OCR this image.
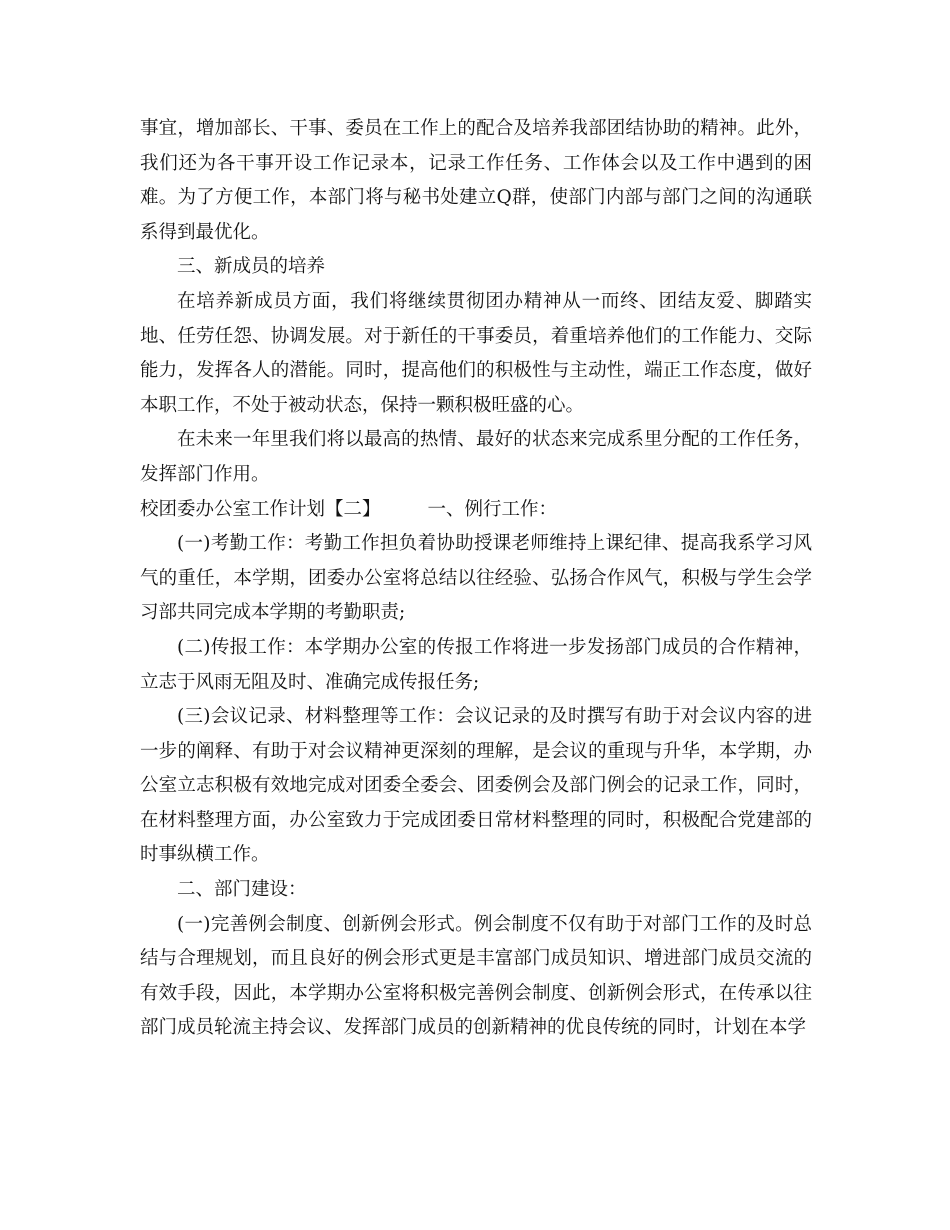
事宜，增加部长、干事、委员在工作上的配合及培养我部团结协助的精神。此外，我们还为各干事开设工作记录本，记录工作任务、工作体会以及工作中遇到的困难。为了方便工作，本部门将与秘书处建立Q群，使部门内部与部门之间的沟通联系得到最优化。

三、新成员的培养

在培养新成员方面，我们将继续贯彻团办精神从一而终、团结友爱、脚踏实地、任劳任怨、协调发展。对于新任的干事委员，着重培养他们的工作能力、交际能力，发挥各人的潜能。同时，提高他们的积极性与主动性，端正工作态度，做好本职工作，不处于被动状态，保持一颗积极旺盛的心。

在未来一年里我们将以最高的热情、最好的状态来完成系里分配的工作任务，发挥部门作用。

校团委办公室工作计划【二】        一、例行工作：

(一)考勤工作：考勤工作担负着协助授课老师维持上课纪律、提高我系学习风气的重任，本学期，团委办公室将总结以往经验、弘扬合作风气，积极与学生会学习部共同完成本学期的考勤职责;

(二)传报工作：本学期办公室的传报工作将进一步发扬部门成员的合作精神，立志于风雨无阻及时、准确完成传报任务;

(三)会议记录、材料整理等工作：会议记录的及时撰写有助于对会议内容的进一步的阐释、有助于对会议精神更深刻的理解，是会议的重现与升华，本学期，办公室立志积极有效地完成对团委全委会、团委例会及部门例会的记录工作，同时，在材料整理方面，办公室致力于完成团委日常材料整理的同时，积极配合党建部的时事纵横工作。

二、部门建设：

(一)完善例会制度、创新例会形式。例会制度不仅有助于对部门工作的及时总结与合理规划，而且良好的例会形式更是丰富部门成员知识、增进部门成员交流的有效手段，因此，本学期办公室将积极完善例会制度、创新例会形式，在传承以往部门成员轮流主持会议、发挥部门成员的创新精神的优良传统的同时，计划在本学
